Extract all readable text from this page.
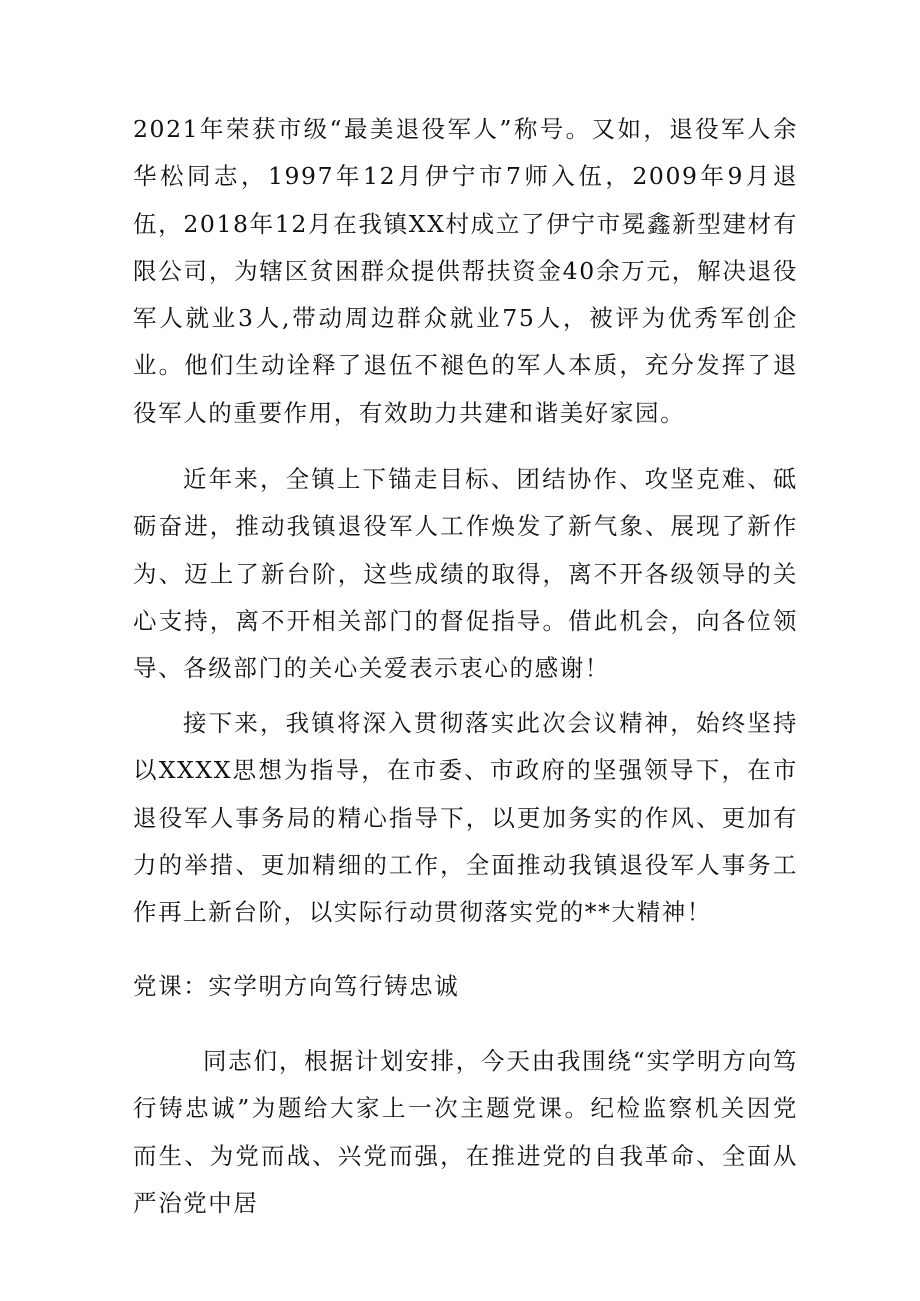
2021年荣获市级“最美退役军人”称号。又如，退役军人余华松同志，1997年12月伊宁市7师入伍，2009年9月退伍，2018年12月在我镇XX村成立了伊宁市冕鑫新型建材有限公司，为辖区贫困群众提供帮扶资金40余万元，解决退役军人就业3人,带动周边群众就业75人，被评为优秀军创企业。他们生动诠释了退伍不褪色的军人本质，充分发挥了退役军人的重要作用，有效助力共建和谐美好家园。

近年来，全镇上下锚走目标、团结协作、攻坚克难、砥砺奋进，推动我镇退役军人工作焕发了新气象、展现了新作为、迈上了新台阶，这些成绩的取得，离不开各级领导的关心支持，离不开相关部门的督促指导。借此机会，向各位领导、各级部门的关心关爱表示衷心的感谢！

接下来，我镇将深入贯彻落实此次会议精神，始终坚持以XXXX思想为指导，在市委、市政府的坚强领导下，在市退役军人事务局的精心指导下，以更加务实的作风、更加有力的举措、更加精细的工作，全面推动我镇退役军人事务工作再上新台阶，以实际行动贯彻落实党的**大精神！

党课：实学明方向笃行铸忠诚

同志们，根据计划安排，今天由我围绕“实学明方向笃行铸忠诚”为题给大家上一次主题党课。纪检监察机关因党而生、为党而战、兴党而强，在推进党的自我革命、全面从严治党中居
